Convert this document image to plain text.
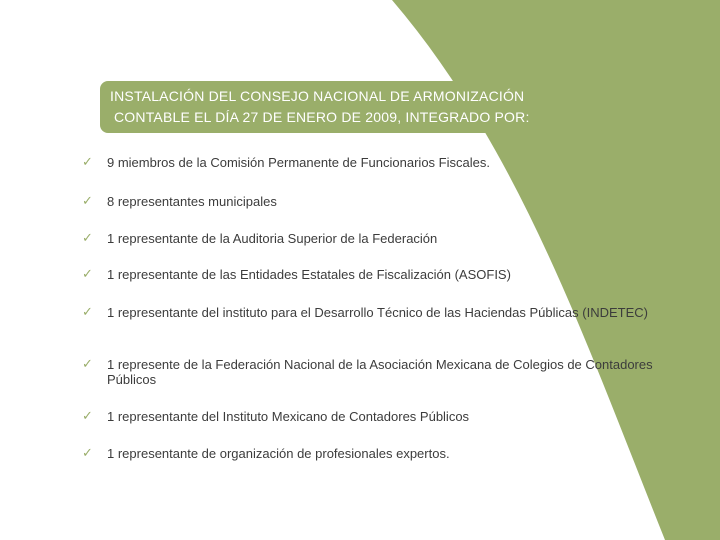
INSTALACIÓN DEL CONSEJO NACIONAL DE ARMONIZACIÓN
CONTABLE EL DÍA 27 DE ENERO DE 2009, INTEGRADO POR:
✓ 9 miembros de la Comisión Permanente de Funcionarios Fiscales.
✓ 8 representantes municipales
✓ 1 representante de la Auditoria Superior de la Federación
✓ 1 representante de las Entidades Estatales de Fiscalización (ASOFIS)
✓ 1 representante del instituto para el Desarrollo Técnico de las Haciendas Públicas (INDETEC)
✓ 1 represente de la Federación Nacional de la Asociación Mexicana de Colegios de Contadores Públicos
✓ 1 representante del Instituto Mexicano de Contadores Públicos
✓ 1 representante de organización de profesionales expertos.
